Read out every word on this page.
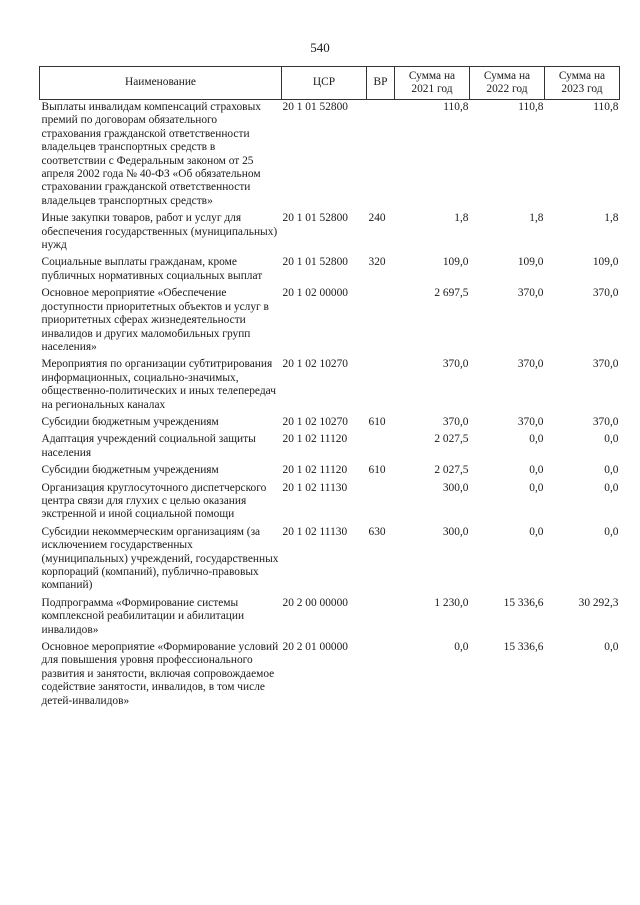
540
Наименование	ЦСР	ВР	Сумма на 2021 год	Сумма на 2022 год	Сумма на 2023 год
Выплаты инвалидам компенсаций страховых премий по договорам обязательного страхования гражданской ответственности владельцев транспортных средств в соответствии с Федеральным законом от 25 апреля 2002 года № 40-ФЗ «Об обязательном страховании гражданской ответственности владельцев транспортных средств»	20 1 01 52800		110,8	110,8	110,8
Иные закупки товаров, работ и услуг для обеспечения государственных (муниципальных) нужд	20 1 01 52800	240	1,8	1,8	1,8
Социальные выплаты гражданам, кроме публичных нормативных социальных выплат	20 1 01 52800	320	109,0	109,0	109,0
Основное мероприятие «Обеспечение доступности приоритетных объектов и услуг в приоритетных сферах жизнедеятельности инвалидов и других маломобильных групп населения»	20 1 02 00000		2 697,5	370,0	370,0
Мероприятия по организации субтитрирования информационных, социально-значимых, общественно-политических и иных телепередач на региональных каналах	20 1 02 10270		370,0	370,0	370,0
Субсидии бюджетным учреждениям	20 1 02 10270	610	370,0	370,0	370,0
Адаптация учреждений социальной защиты населения	20 1 02 11120		2 027,5	0,0	0,0
Субсидии бюджетным учреждениям	20 1 02 11120	610	2 027,5	0,0	0,0
Организация круглосуточного диспетчерского центра связи для глухих с целью оказания экстренной и иной социальной помощи	20 1 02 11130		300,0	0,0	0,0
Субсидии некоммерческим организациям (за исключением государственных (муниципальных) учреждений, государственных корпораций (компаний), публично-правовых компаний)	20 1 02 11130	630	300,0	0,0	0,0
Подпрограмма «Формирование системы комплексной реабилитации и абилитации инвалидов»	20 2 00 00000		1 230,0	15 336,6	30 292,3
Основное мероприятие «Формирование условий для повышения уровня профессионального развития и занятости, включая сопровождаемое содействие занятости, инвалидов, в том числе детей-инвалидов»	20 2 01 00000		0,0	15 336,6	0,0
